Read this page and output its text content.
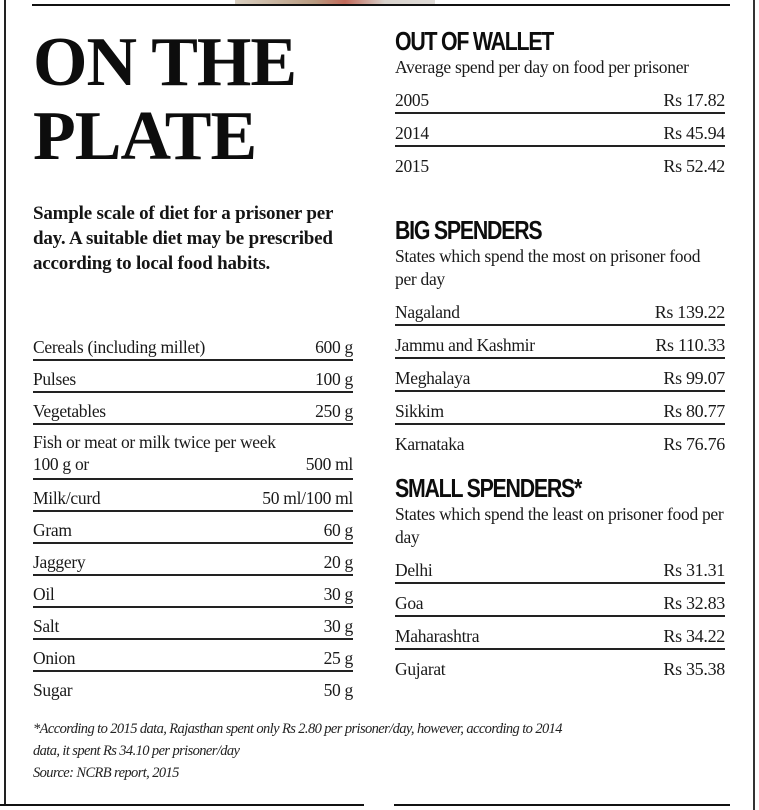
ON THE
PLATE
Sample scale of diet for a prisoner per day. A suitable diet may be prescribed according to local food habits.
Cereals (including millet)	600 g
Pulses	100 g
Vegetables	250 g
Fish or meat or milk twice per week
100 g or	500 ml
Milk/curd	50 ml/100 ml
Gram	60 g
Jaggery	20 g
Oil	30 g
Salt	30 g
Onion	25 g
Sugar	50 g
OUT OF WALLET
Average spend per day on food per prisoner
2005	Rs 17.82
2014	Rs 45.94
2015	Rs 52.42
BIG SPENDERS
States which spend the most on prisoner food per day
Nagaland	Rs 139.22
Jammu and Kashmir	Rs 110.33
Meghalaya	Rs 99.07
Sikkim	Rs 80.77
Karnataka	Rs 76.76
SMALL SPENDERS*
States which spend the least on prisoner food per day
Delhi	Rs 31.31
Goa	Rs 32.83
Maharashtra	Rs 34.22
Gujarat	Rs 35.38
*According to 2015 data, Rajasthan spent only Rs 2.80 per prisoner/day, however, according to 2014
data, it spent Rs 34.10 per prisoner/day
Source: NCRB report, 2015
